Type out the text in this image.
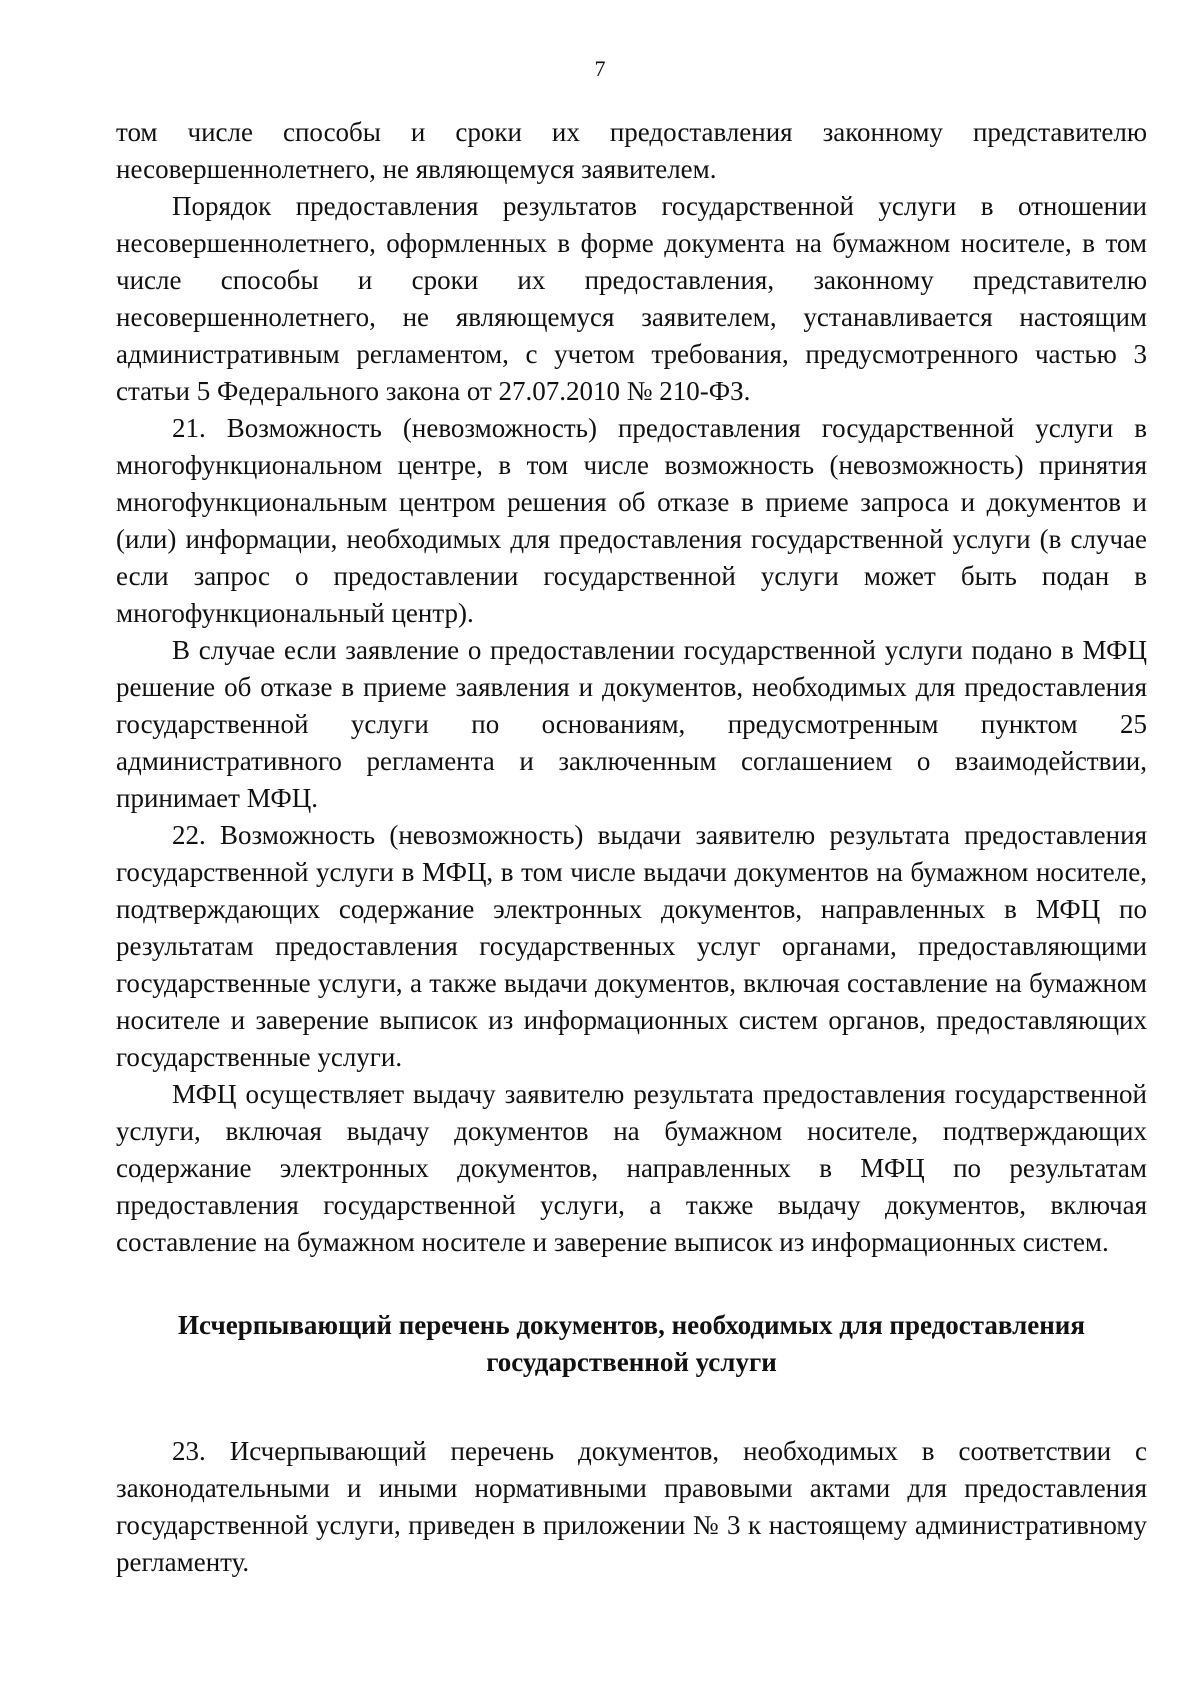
7

том числе способы и сроки их предоставления законному представителю несовершеннолетнего, не являющемуся заявителем.

Порядок предоставления результатов государственной услуги в отношении несовершеннолетнего, оформленных в форме документа на бумажном носителе, в том числе способы и сроки их предоставления, законному представителю несовершеннолетнего, не являющемуся заявителем, устанавливается настоящим административным регламентом, с учетом требования, предусмотренного частью 3 статьи 5 Федерального закона от 27.07.2010 № 210-ФЗ.

21. Возможность (невозможность) предоставления государственной услуги в многофункциональном центре, в том числе возможность (невозможность) принятия многофункциональным центром решения об отказе в приеме запроса и документов и (или) информации, необходимых для предоставления государственной услуги (в случае если запрос о предоставлении государственной услуги может быть подан в многофункциональный центр).

В случае если заявление о предоставлении государственной услуги подано в МФЦ решение об отказе в приеме заявления и документов, необходимых для предоставления государственной услуги по основаниям, предусмотренным пунктом 25 административного регламента и заключенным соглашением о взаимодействии, принимает МФЦ.

22. Возможность (невозможность) выдачи заявителю результата предоставления государственной услуги в МФЦ, в том числе выдачи документов на бумажном носителе, подтверждающих содержание электронных документов, направленных в МФЦ по результатам предоставления государственных услуг органами, предоставляющими государственные услуги, а также выдачи документов, включая составление на бумажном носителе и заверение выписок из информационных систем органов, предоставляющих государственные услуги.

МФЦ осуществляет выдачу заявителю результата предоставления государственной услуги, включая выдачу документов на бумажном носителе, подтверждающих содержание электронных документов, направленных в МФЦ по результатам предоставления государственной услуги, а также выдачу документов, включая составление на бумажном носителе и заверение выписок из информационных систем.

Исчерпывающий перечень документов, необходимых для предоставления
государственной услуги

23. Исчерпывающий перечень документов, необходимых в соответствии с законодательными и иными нормативными правовыми актами для предоставления государственной услуги, приведен в приложении № 3 к настоящему административному регламенту.
